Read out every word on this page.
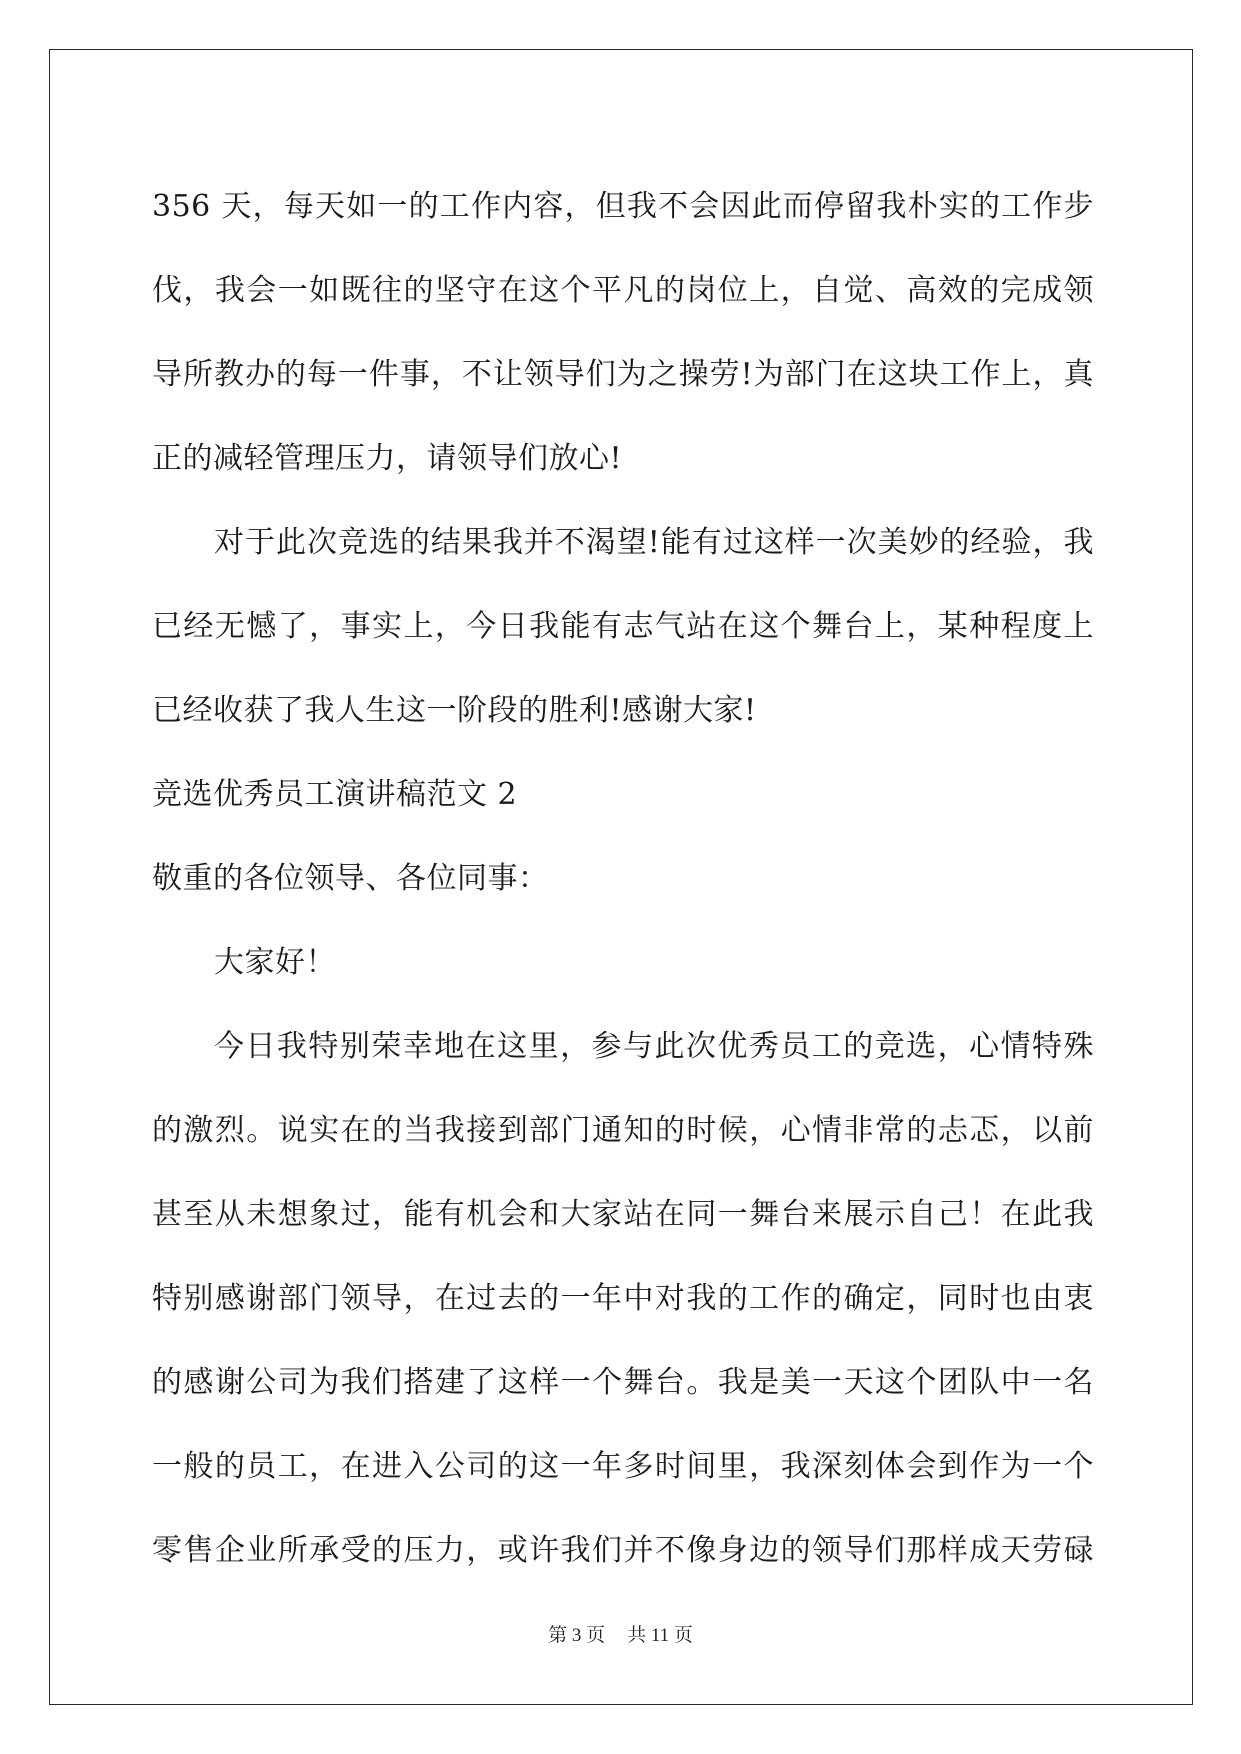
356 天，每天如一的工作内容，但我不会因此而停留我朴实的工作步
伐，我会一如既往的坚守在这个平凡的岗位上，自觉、高效的完成领
导所教办的每一件事，不让领导们为之操劳!为部门在这块工作上，真
正的减轻管理压力，请领导们放心!
对于此次竞选的结果我并不渴望!能有过这样一次美妙的经验，我
已经无憾了，事实上，今日我能有志气站在这个舞台上，某种程度上
已经收获了我人生这一阶段的胜利!感谢大家!
竞选优秀员工演讲稿范文 2
敬重的各位领导、各位同事：
大家好！
今日我特别荣幸地在这里，参与此次优秀员工的竞选，心情特殊
的激烈。说实在的当我接到部门通知的时候，心情非常的忐忑，以前
甚至从未想象过，能有机会和大家站在同一舞台来展示自己！在此我
特别感谢部门领导，在过去的一年中对我的工作的确定，同时也由衷
的感谢公司为我们搭建了这样一个舞台。我是美一天这个团队中一名
一般的员工，在进入公司的这一年多时间里，我深刻体会到作为一个
零售企业所承受的压力，或许我们并不像身边的领导们那样成天劳碌
第 3 页 共 11 页
